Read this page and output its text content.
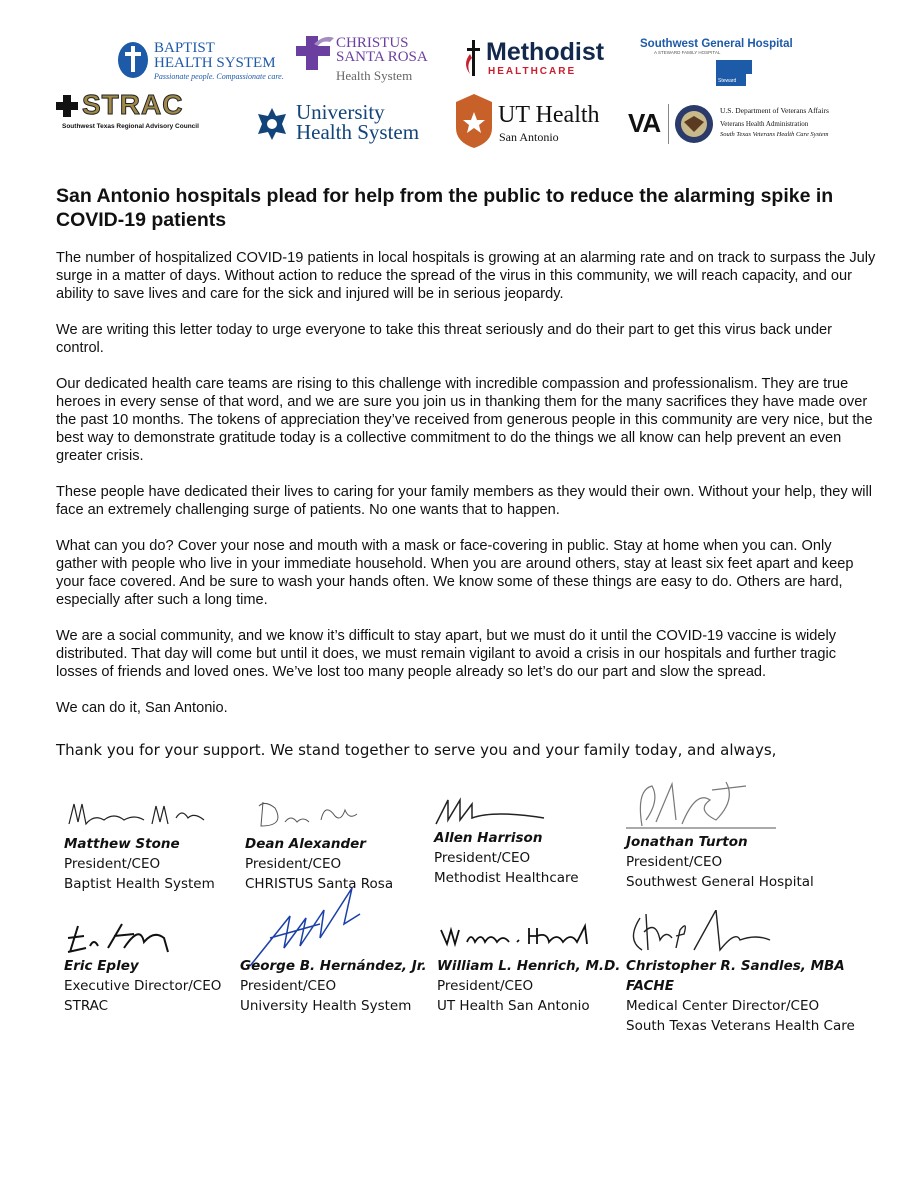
BAPTIST
HEALTH SYSTEM
Passionate people. Compassionate care.
CHRISTUS
SANTA ROSA
Health System
Methodist
HEALTHCARE
Southwest General Hospital
A STEWARD FAMILY HOSPITAL
Steward
STRAC
Southwest Texas Regional Advisory Council
University
Health System
UT Health
San Antonio	VA	U.S. Department of Veterans Affairs
Veterans Health Administration
South Texas Veterans Health Care System
San Antonio hospitals plead for help from the public to reduce the alarming spike in COVID-19 patients

The number of hospitalized COVID-19 patients in local hospitals is growing at an alarming rate and on track to surpass the July surge in a matter of days. Without action to reduce the spread of the virus in this community, we will reach capacity, and our ability to save lives and care for the sick and injured will be in serious jeopardy.

We are writing this letter today to urge everyone to take this threat seriously and do their part to get this virus back under control.

Our dedicated health care teams are rising to this challenge with incredible compassion and professionalism. They are true heroes in every sense of that word, and we are sure you join us in thanking them for the many sacrifices they have made over the past 10 months. The tokens of appreciation they’ve received from generous people in this community are very nice, but the best way to demonstrate gratitude today is a collective commitment to do the things we all know can help prevent an even greater crisis.

These people have dedicated their lives to caring for your family members as they would their own. Without your help, they will face an extremely challenging surge of patients. No one wants that to happen.

What can you do? Cover your nose and mouth with a mask or face-covering in public. Stay at home when you can. Only gather with people who live in your immediate household. When you are around others, stay at least six feet apart and keep your face covered. And be sure to wash your hands often. We know some of these things are easy to do. Others are hard, especially after such a long time.

We are a social community, and we know it’s difficult to stay apart, but we must do it until the COVID-19 vaccine is widely distributed. That day will come but until it does, we must remain vigilant to avoid a crisis in our hospitals and further tragic losses of friends and loved ones. We’ve lost too many people already so let’s do our part and slow the spread.

We can do it, San Antonio.

Thank you for your support. We stand together to serve you and your family today, and always,
Matthew Stone
President/CEO
Baptist Health System
Dean Alexander
President/CEO
CHRISTUS Santa Rosa
Allen Harrison
President/CEO
Methodist Healthcare
Jonathan Turton
President/CEO
Southwest General Hospital
Eric Epley
Executive Director/CEO
STRAC
George B. Hernández, Jr.
President/CEO
University Health System
William L. Henrich, M.D.
President/CEO
UT Health San Antonio
Christopher R. Sandles, MBA FACHE
Medical Center Director/CEO
South Texas Veterans Health Care
